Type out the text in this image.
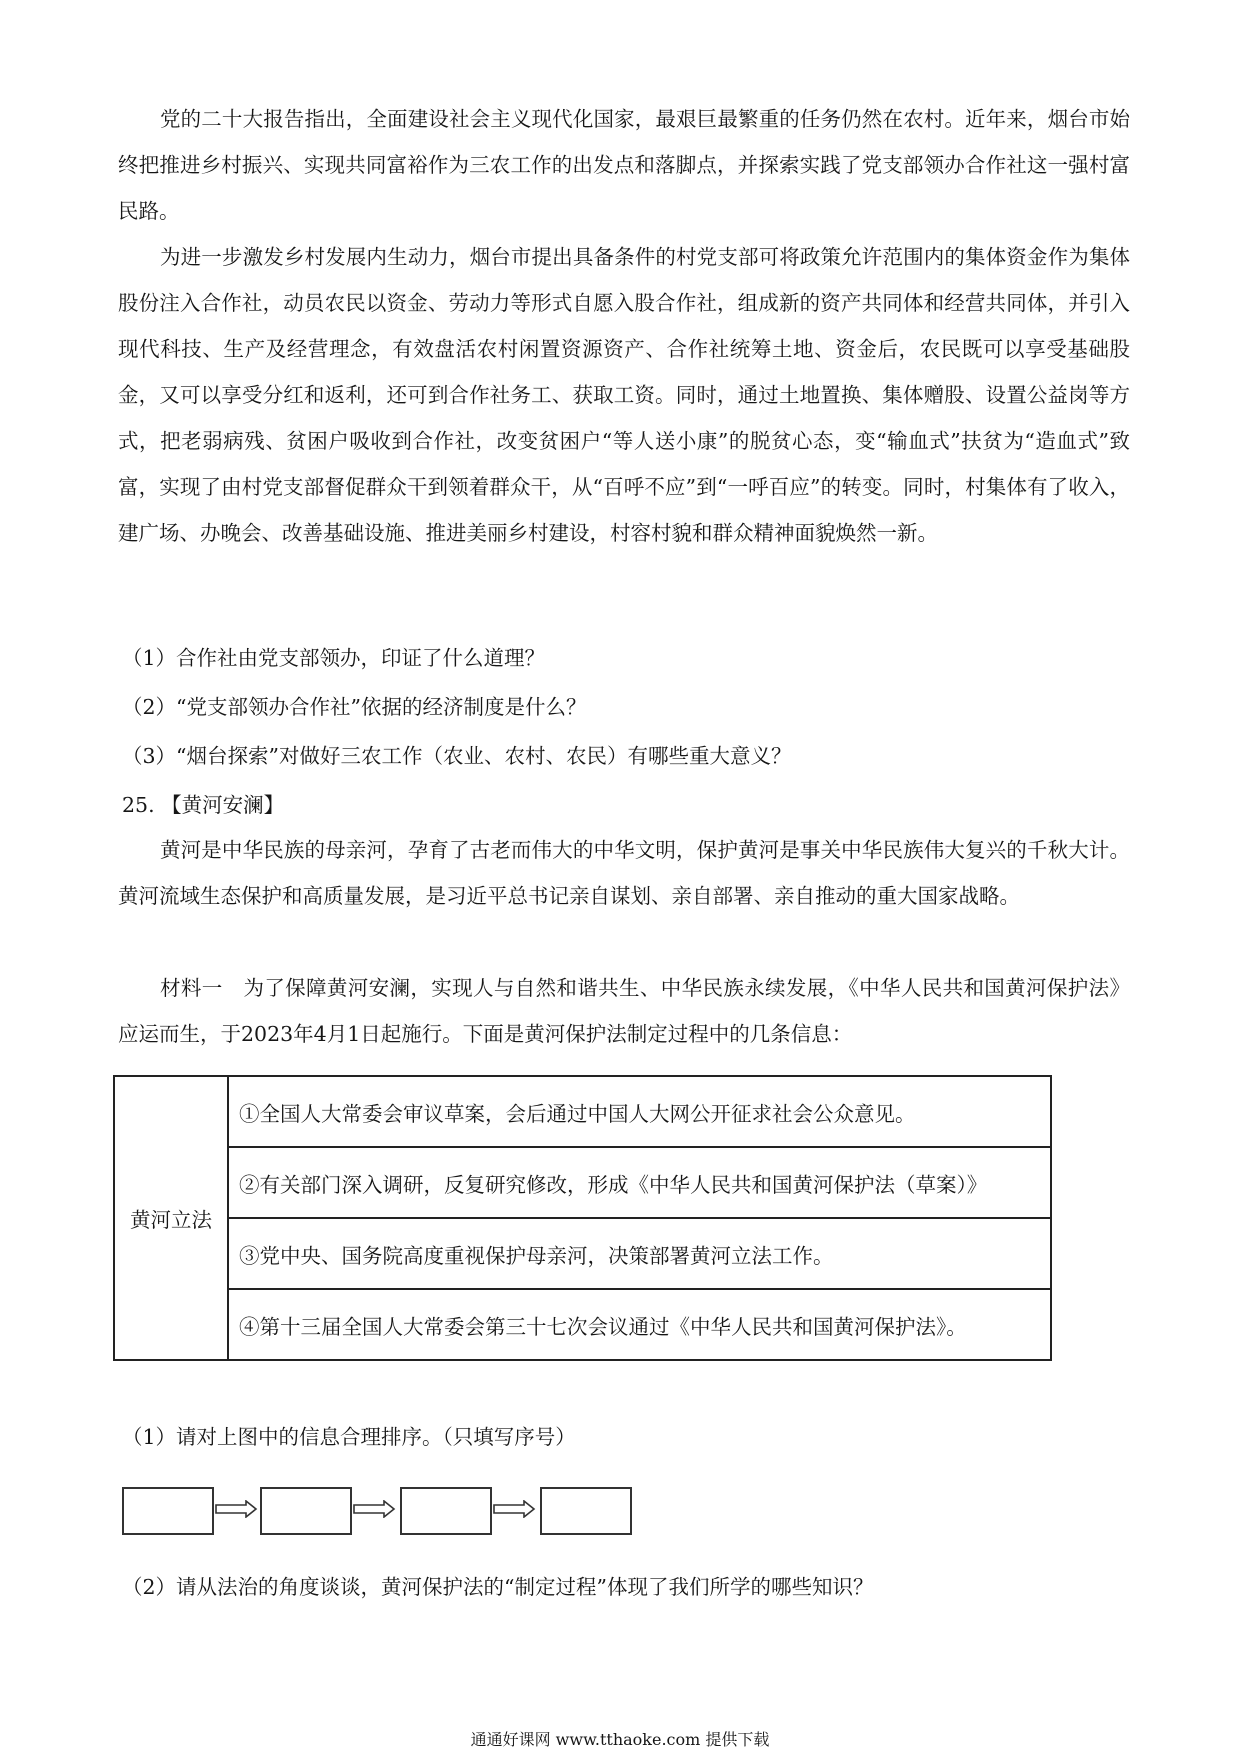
党的二十大报告指出，全面建设社会主义现代化国家，最艰巨最繁重的任务仍然在农村。近年来，烟台市始终把推进乡村振兴、实现共同富裕作为三农工作的出发点和落脚点，并探索实践了党支部领办合作社这一强村富民路。

为进一步激发乡村发展内生动力，烟台市提出具备条件的村党支部可将政策允许范围内的集体资金作为集体股份注入合作社，动员农民以资金、劳动力等形式自愿入股合作社，组成新的资产共同体和经营共同体，并引入现代科技、生产及经营理念，有效盘活农村闲置资源资产、合作社统筹土地、资金后，农民既可以享受基础股金，又可以享受分红和返利，还可到合作社务工、获取工资。同时，通过土地置换、集体赠股、设置公益岗等方式，把老弱病残、贫困户吸收到合作社，改变贫困户“等人送小康”的脱贫心态，变“输血式”扶贫为“造血式”致富，实现了由村党支部督促群众干到领着群众干，从“百呼不应”到“一呼百应”的转变。同时，村集体有了收入，建广场、办晚会、改善基础设施、推进美丽乡村建设，村容村貌和群众精神面貌焕然一新。

（1）合作社由党支部领办，印证了什么道理？
（2）“党支部领办合作社”依据的经济制度是什么？
（3）“烟台探索”对做好三农工作（农业、农村、农民）有哪些重大意义？
25. 【黄河安澜】

黄河是中华民族的母亲河，孕育了古老而伟大的中华文明，保护黄河是事关中华民族伟大复兴的千秋大计。黄河流域生态保护和高质量发展，是习近平总书记亲自谋划、亲自部署、亲自推动的重大国家战略。

材料一　为了保障黄河安澜，实现人与自然和谐共生、中华民族永续发展，《中华人民共和国黄河保护法》应运而生，于2023年4月1日起施行。下面是黄河保护法制定过程中的几条信息：

黄河立法	①全国人大常委会审议草案，会后通过中国人大网公开征求社会公众意见。
②有关部门深入调研，反复研究修改，形成《中华人民共和国黄河保护法（草案）》
③党中央、国务院高度重视保护母亲河，决策部署黄河立法工作。
④第十三届全国人大常委会第三十七次会议通过《中华人民共和国黄河保护法》。
（1）请对上图中的信息合理排序。（只填写序号）
（2）请从法治的角度谈谈，黄河保护法的“制定过程”体现了我们所学的哪些知识？
通通好课网 www.tthaoke.com 提供下载
